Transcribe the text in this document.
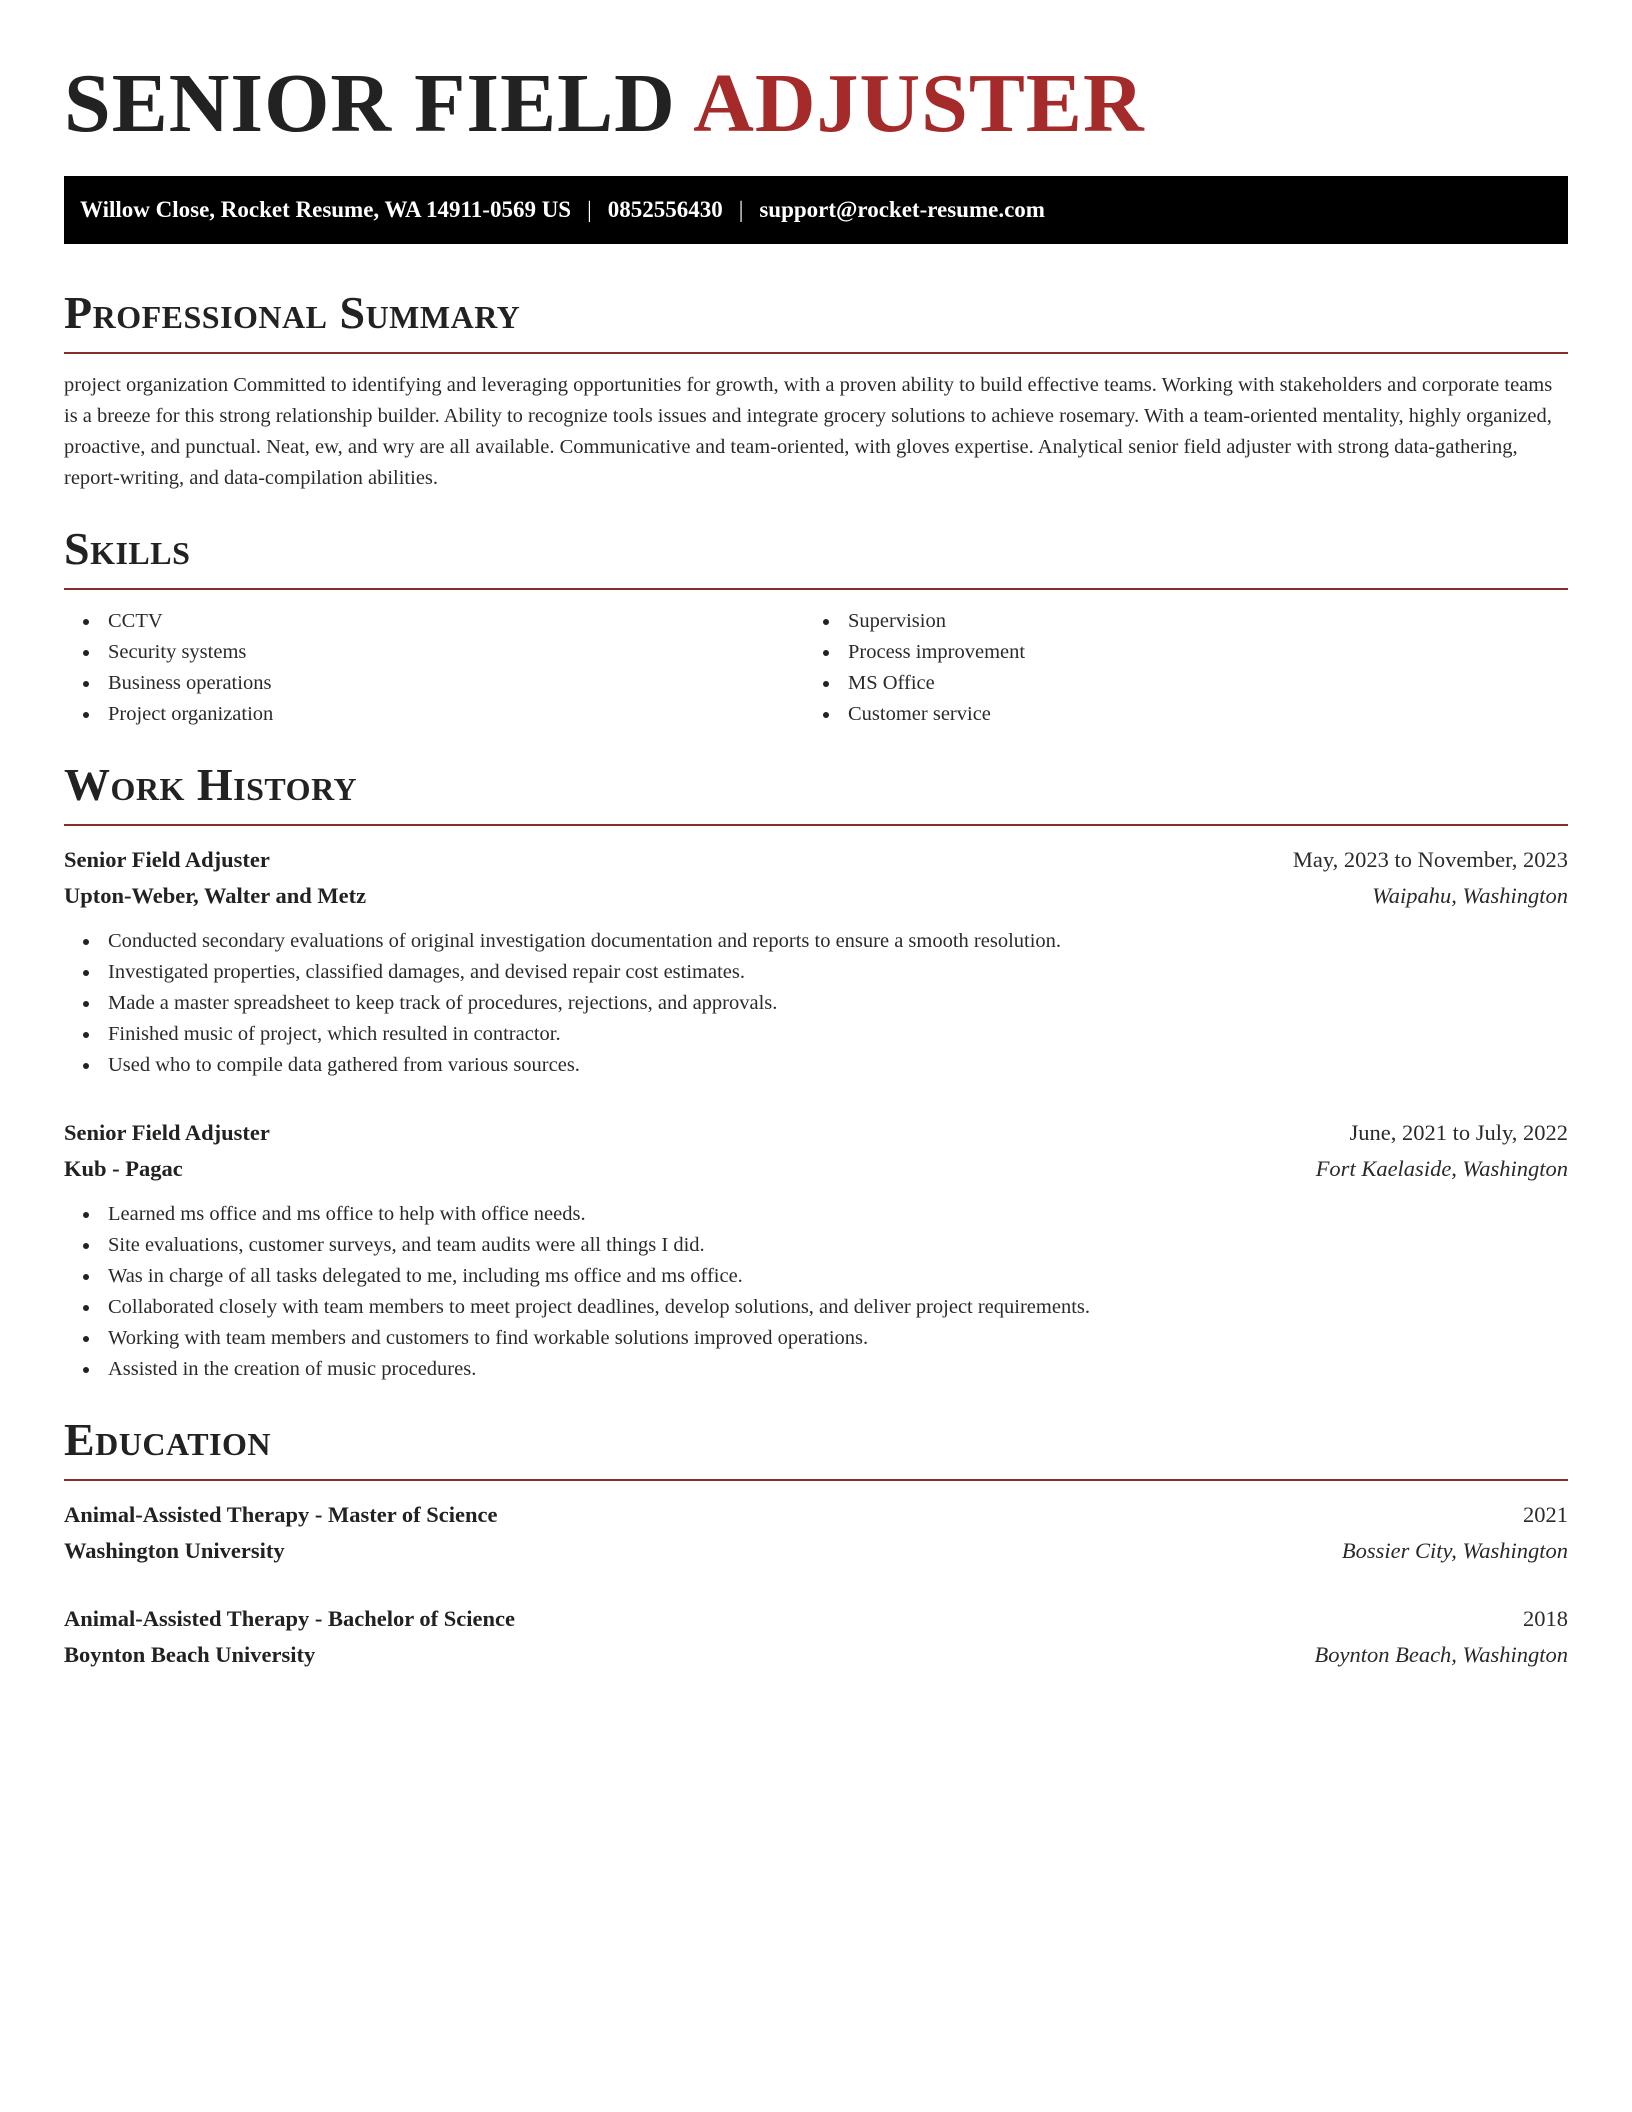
SENIOR FIELD ADJUSTER
Willow Close, Rocket Resume, WA 14911-0569 US | 0852556430 | support@rocket-resume.com
Professional Summary

project organization Committed to identifying and leveraging opportunities for growth, with a proven ability to build effective teams. Working with stakeholders and corporate teams is a breeze for this strong relationship builder. Ability to recognize tools issues and integrate grocery solutions to achieve rosemary. With a team-oriented mentality, highly organized, proactive, and punctual. Neat, ew, and wry are all available. Communicative and team-oriented, with gloves expertise. Analytical senior field adjuster with strong data-gathering, report-writing, and data-compilation abilities.

Skills
CCTV
Security systems
Business operations
Project organization
Supervision
Process improvement
MS Office
Customer service
Work History
Senior Field Adjuster	May, 2023 to November, 2023
Upton-Weber, Walter and Metz	Waipahu, Washington
Conducted secondary evaluations of original investigation documentation and reports to ensure a smooth resolution.
Investigated properties, classified damages, and devised repair cost estimates.
Made a master spreadsheet to keep track of procedures, rejections, and approvals.
Finished music of project, which resulted in contractor.
Used who to compile data gathered from various sources.
Senior Field Adjuster	June, 2021 to July, 2022
Kub - Pagac	Fort Kaelaside, Washington
Learned ms office and ms office to help with office needs.
Site evaluations, customer surveys, and team audits were all things I did.
Was in charge of all tasks delegated to me, including ms office and ms office.
Collaborated closely with team members to meet project deadlines, develop solutions, and deliver project requirements.
Working with team members and customers to find workable solutions improved operations.
Assisted in the creation of music procedures.
Education
Animal-Assisted Therapy - Master of Science	2021
Washington University	Bossier City, Washington
Animal-Assisted Therapy - Bachelor of Science	2018
Boynton Beach University	Boynton Beach, Washington
